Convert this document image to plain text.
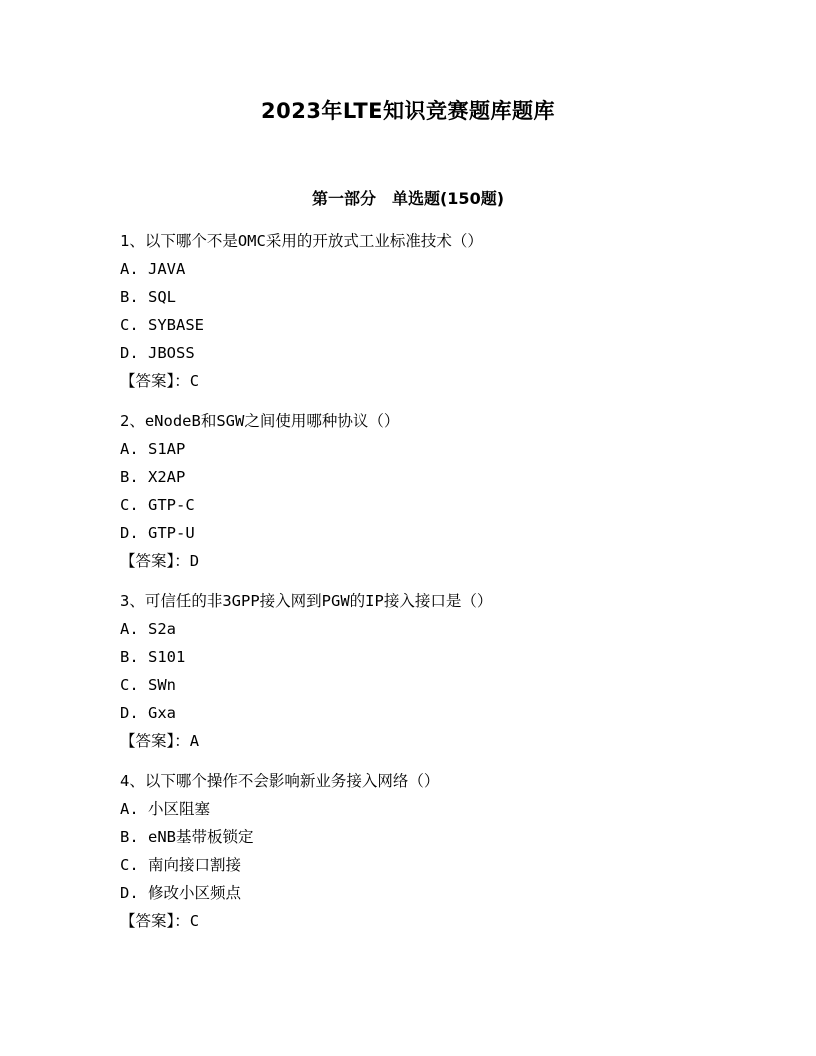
2023年LTE知识竞赛题库题库
第一部分　单选题(150题)
1、以下哪个不是OMC采用的开放式工业标准技术（）
A. JAVA
B. SQL
C. SYBASE
D. JBOSS
【答案】：C
2、eNodeB和SGW之间使用哪种协议（）
A. S1AP
B. X2AP
C. GTP-C
D. GTP-U
【答案】：D
3、可信任的非3GPP接入网到PGW的IP接入接口是（）
A. S2a
B. S101
C. SWn
D. Gxa
【答案】：A
4、以下哪个操作不会影响新业务接入网络（）
A. 小区阻塞
B. eNB基带板锁定
C. 南向接口割接
D. 修改小区频点
【答案】：C
